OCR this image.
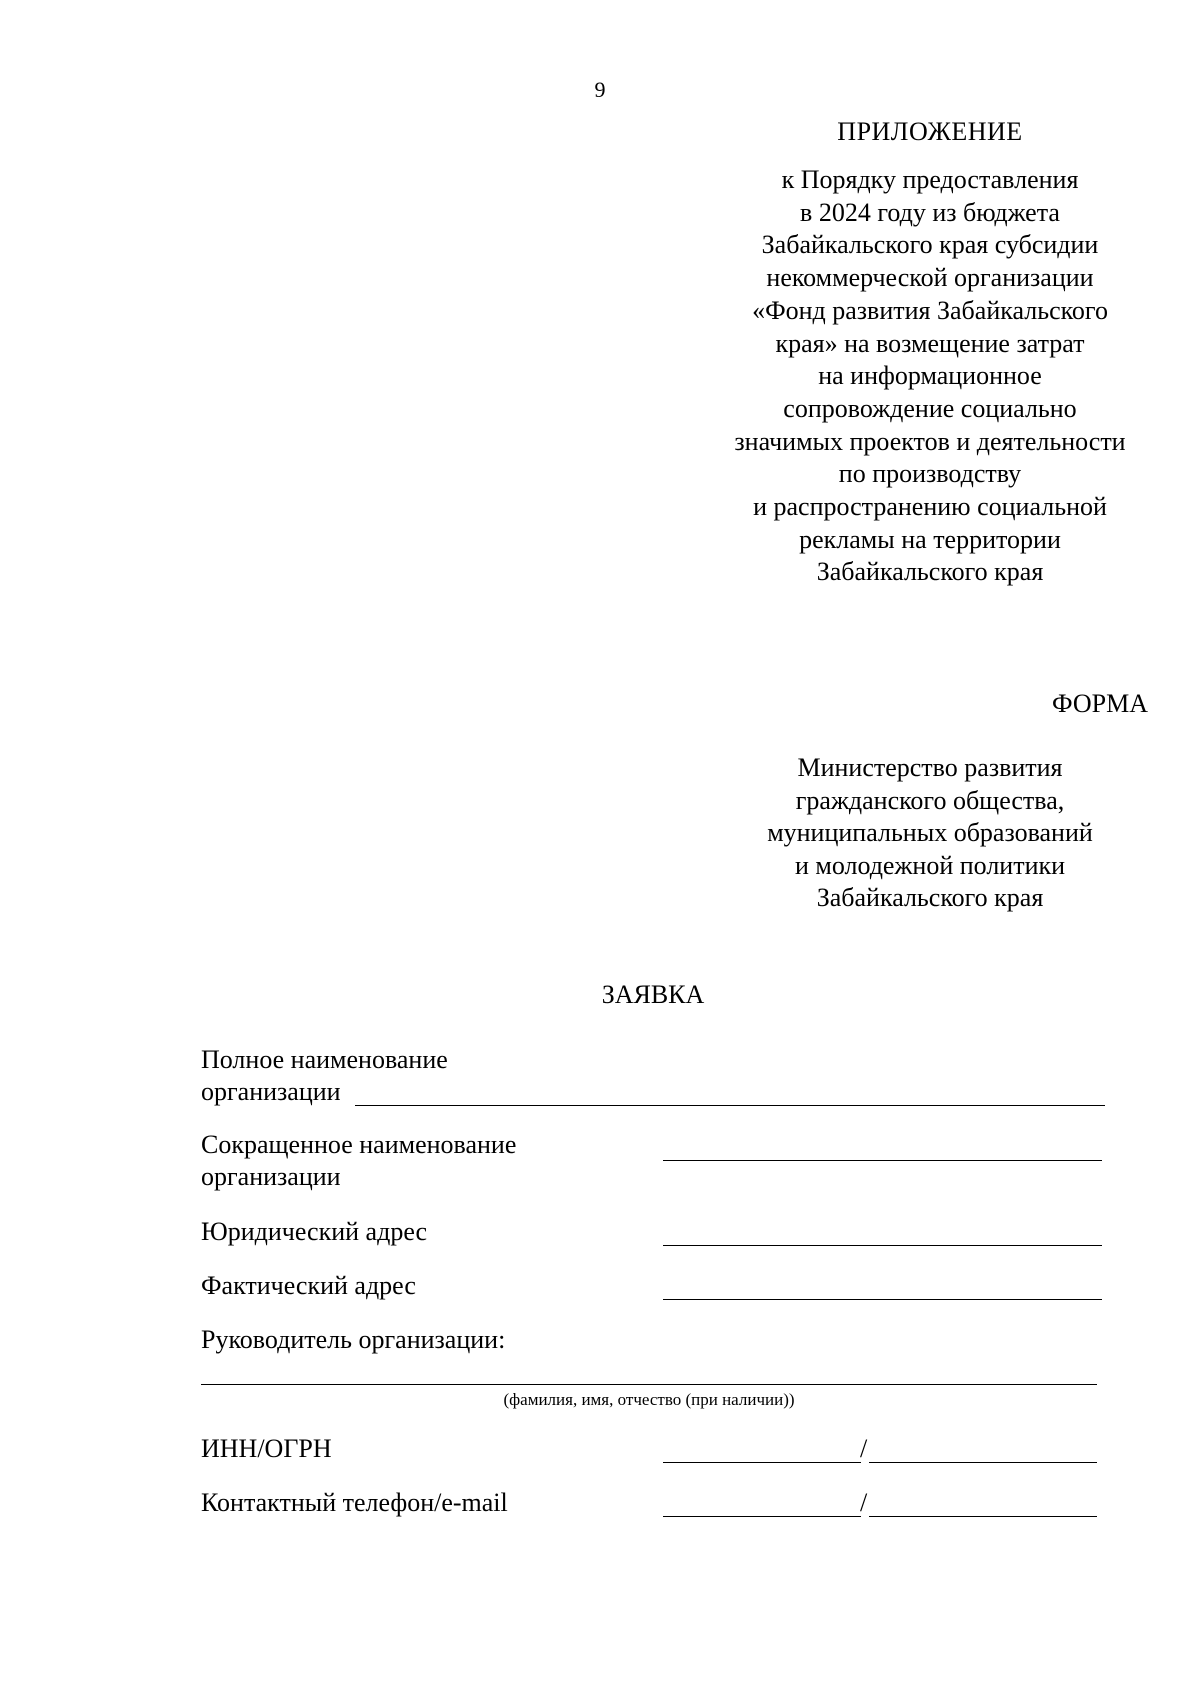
9
ПРИЛОЖЕНИЕ
к Порядку предоставления
в 2024 году из бюджета
Забайкальского края субсидии
некоммерческой организации
«Фонд развития Забайкальского
края» на возмещение затрат
на информационное
сопровождение социально
значимых проектов и деятельности
по производству
и распространению социальной
рекламы на территории
Забайкальского края
ФОРМА
Министерство развития
гражданского общества,
муниципальных образований
и молодежной политики
Забайкальского края
ЗАЯВКА
Полное наименование
организации
Сокращенное наименование
организации
Юридический адрес
Фактический адрес
Руководитель организации:
(фамилия, имя, отчество (при наличии))
ИНН/ОГРН	/
Контактный телефон/e-mail	/
